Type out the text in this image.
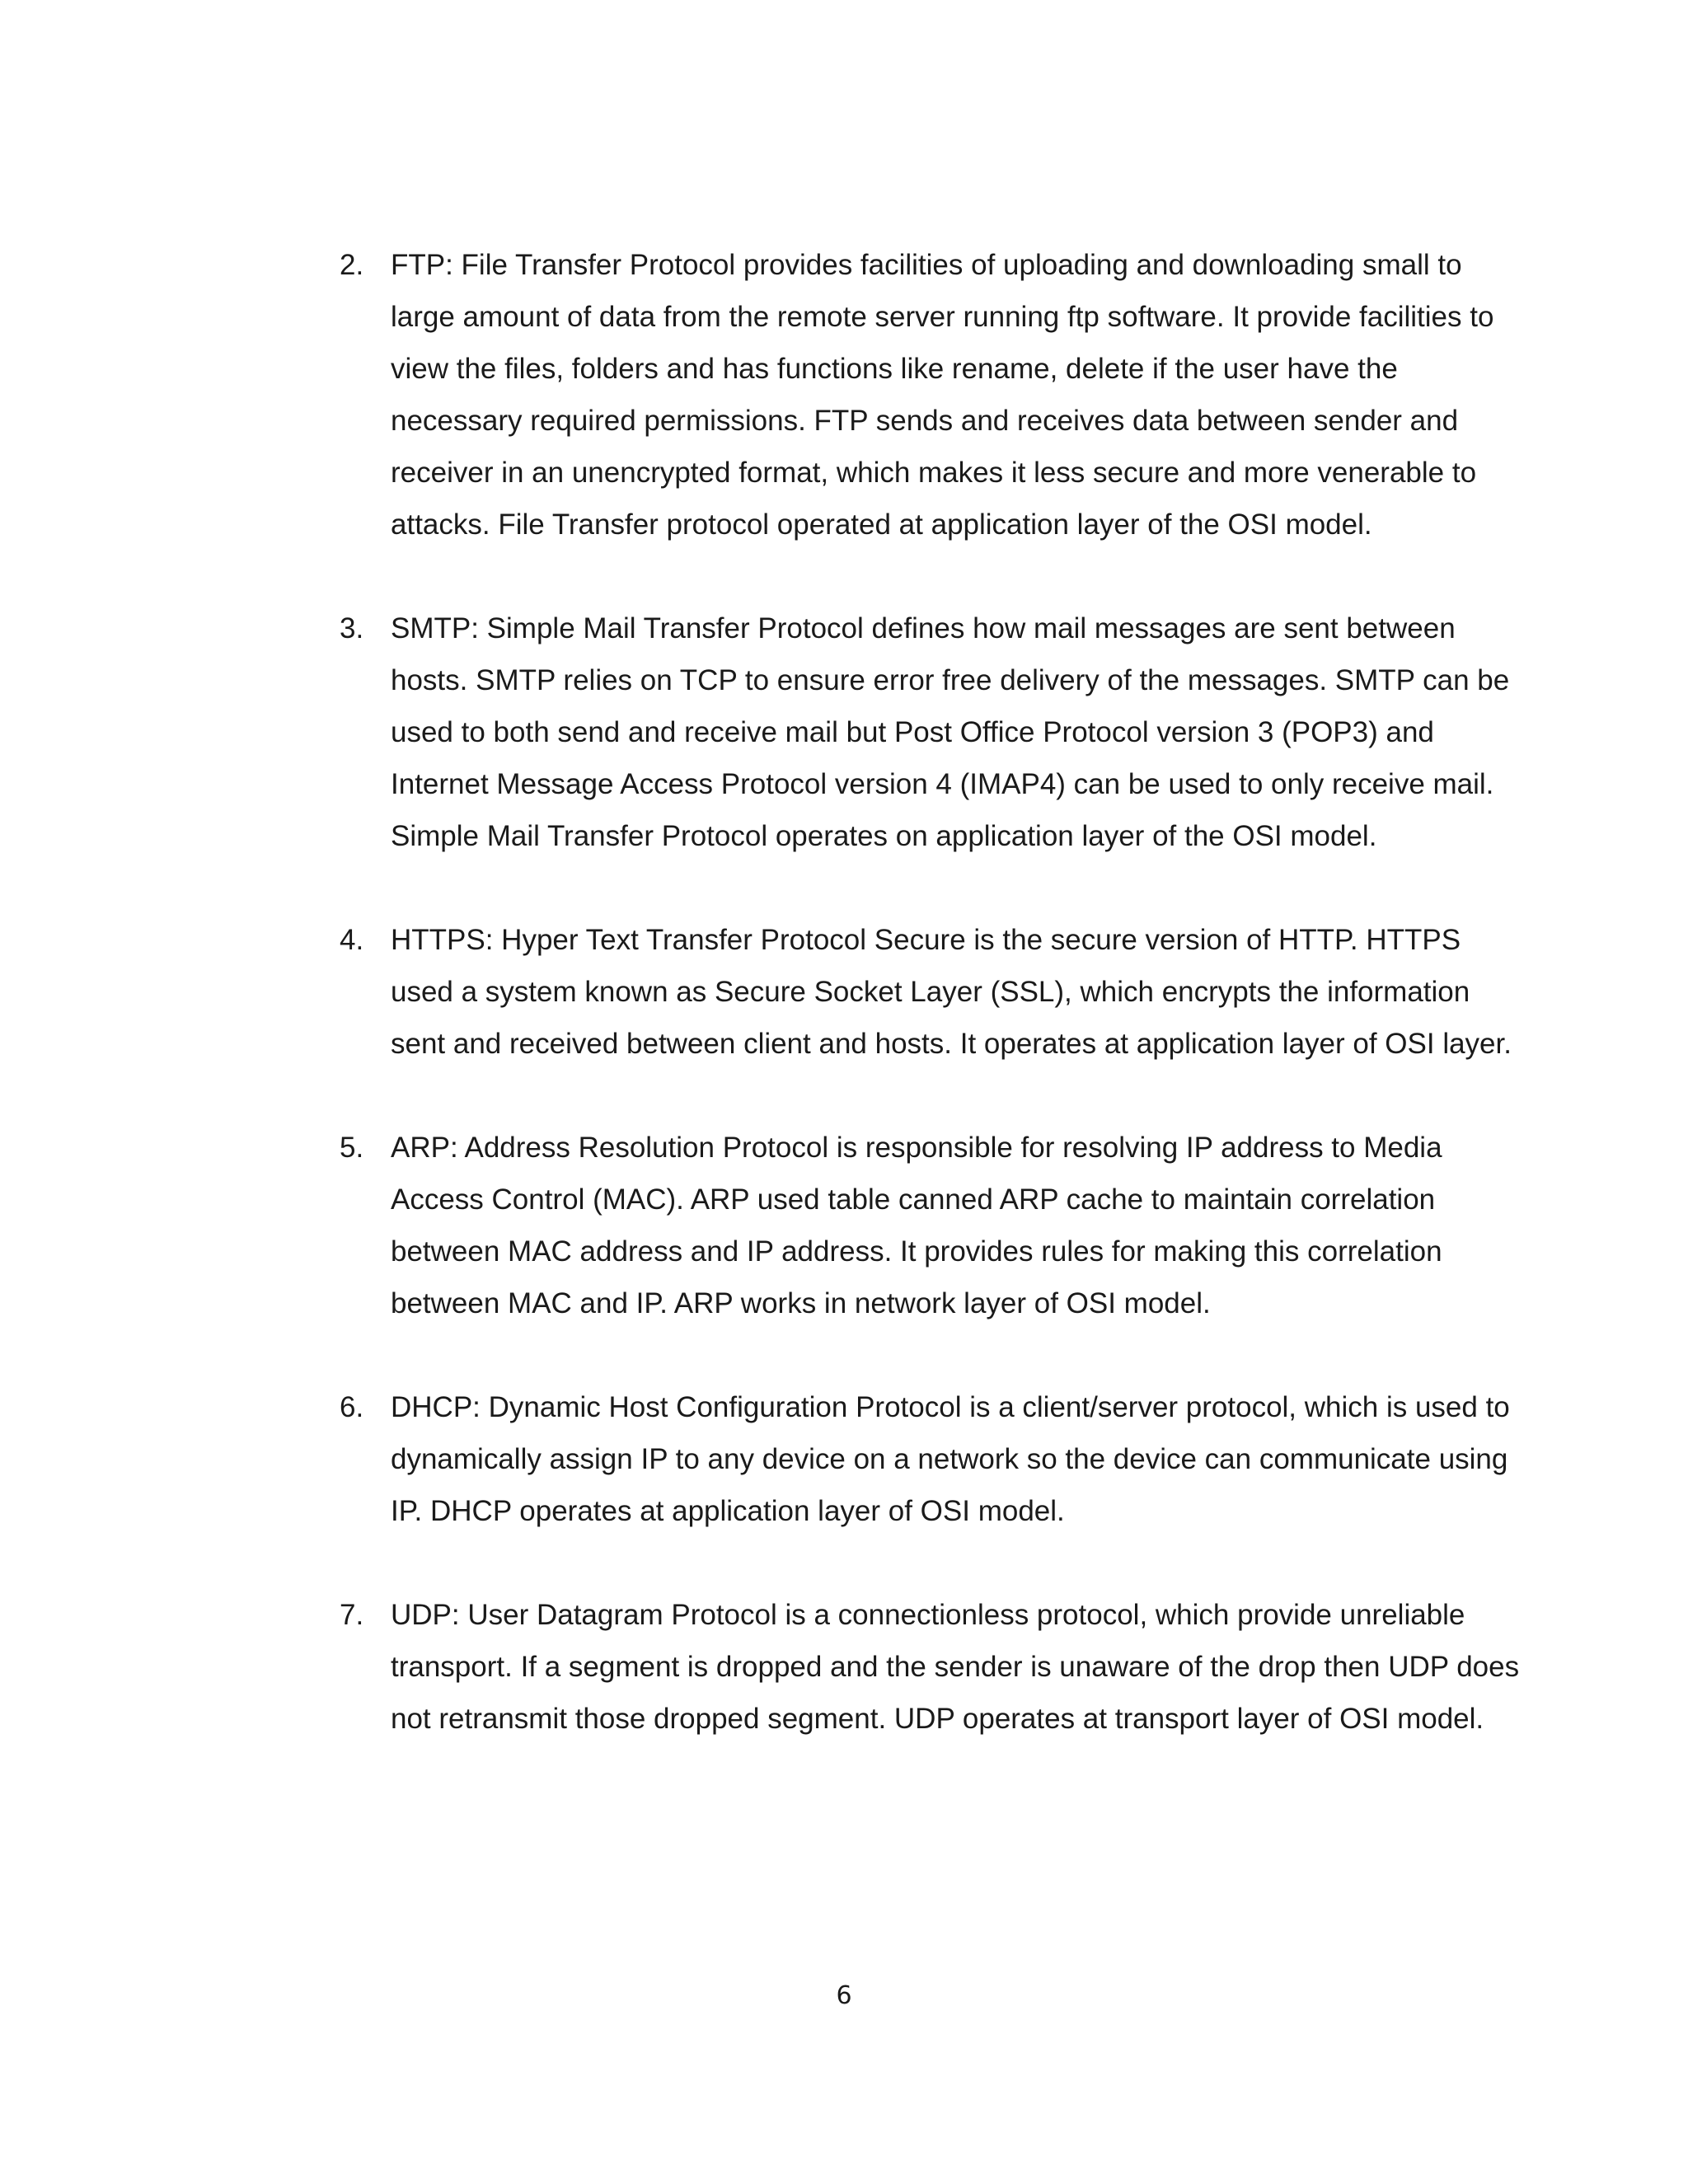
2. FTP: File Transfer Protocol provides facilities of uploading and downloading small to large amount of data from the remote server running ftp software. It provide facilities to view the files, folders and has functions like rename, delete if the user have the necessary required permissions. FTP sends and receives data between sender and receiver in an unencrypted format, which makes it less secure and more venerable to attacks. File Transfer protocol operated at application layer of the OSI model.
3. SMTP: Simple Mail Transfer Protocol defines how mail messages are sent between hosts. SMTP relies on TCP to ensure error free delivery of the messages. SMTP can be used to both send and receive mail but Post Office Protocol version 3 (POP3) and Internet Message Access Protocol version 4 (IMAP4) can be used to only receive mail. Simple Mail Transfer Protocol operates on application layer of the OSI model.
4. HTTPS: Hyper Text Transfer Protocol Secure is the secure version of HTTP. HTTPS used a system known as Secure Socket Layer (SSL), which encrypts the information sent and received between client and hosts. It operates at application layer of OSI layer.
5. ARP: Address Resolution Protocol is responsible for resolving IP address to Media Access Control (MAC). ARP used table canned ARP cache to maintain correlation between MAC address and IP address. It provides rules for making this correlation between MAC and IP. ARP works in network layer of OSI model.
6. DHCP: Dynamic Host Configuration Protocol is a client/server protocol, which is used to dynamically assign IP to any device on a network so the device can communicate using IP. DHCP operates at application layer of OSI model.
7. UDP: User Datagram Protocol is a connectionless protocol, which provide unreliable transport. If a segment is dropped and the sender is unaware of the drop then UDP does not retransmit those dropped segment. UDP operates at transport layer of OSI model.
6
